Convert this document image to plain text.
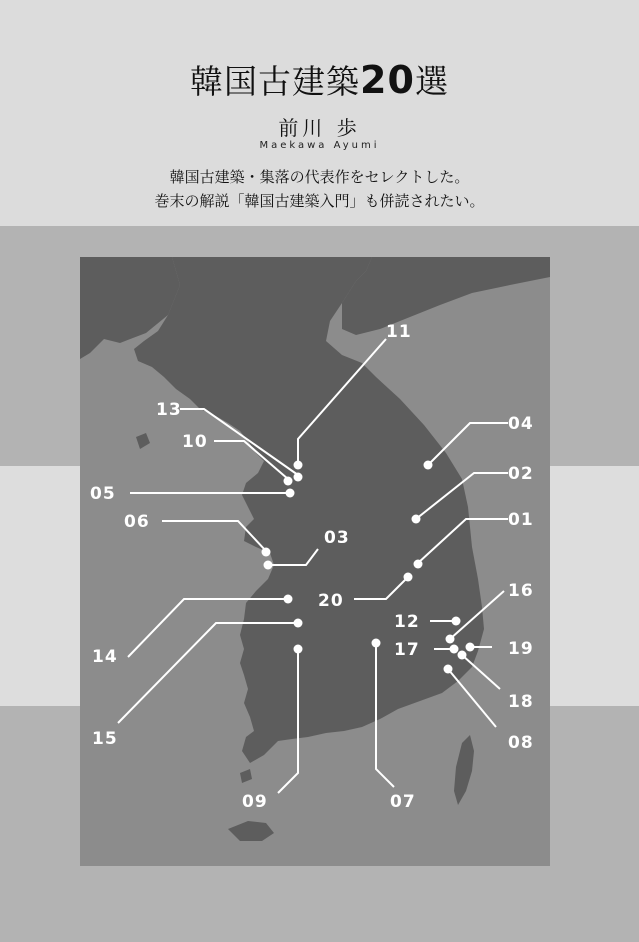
韓国古建築20選
前川 歩
Maekawa Ayumi
韓国古建築・集落の代表作をセレクトした。
巻末の解説「韓国古建築入門」も併読されたい。
11
13
10
05
06
03
04
02
01
20
14
15
09	07
12
16
17	19
18
08
